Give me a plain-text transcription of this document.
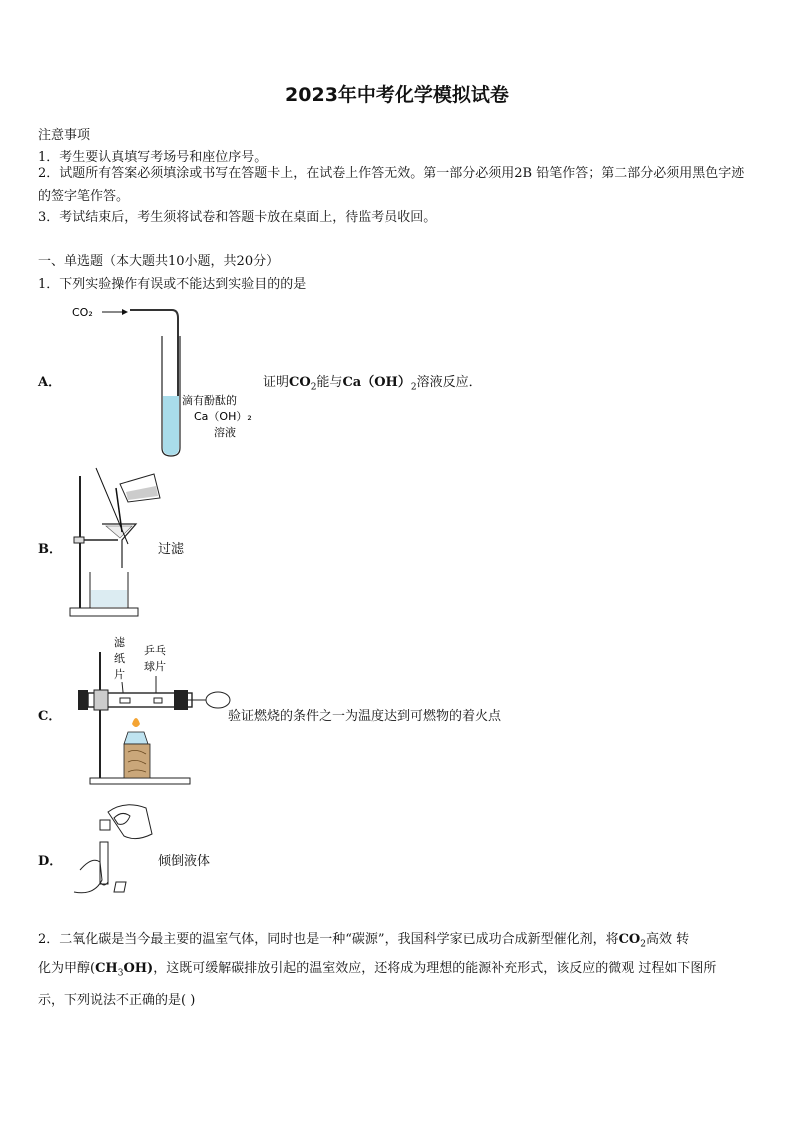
2023年中考化学模拟试卷
注意事项
1．考生要认真填写考场号和座位序号。
2．试题所有答案必须填涂或书写在答题卡上，在试卷上作答无效。第一部分必须用2B 铅笔作答；第二部分必须用黑色字迹的签字笔作答。
3．考试结束后，考生须将试卷和答题卡放在桌面上，待监考员收回。
一、单选题（本大题共10小题，共20分）
1．下列实验操作有误或不能达到实验目的的是
A．	证明$CO_2$能与$Ca(OH)_2$溶液反应．
CO₂
滴有酚酞的
Ca（OH）₂
溶液
B．	过滤
C．	验证燃烧的条件之一为温度达到可燃物的着火点
滤
纸
片
乒乓
球片
D．	倾倒液体
2．二氧化碳是当今最主要的温室气体，同时也是一种“碳源”，我国科学家已成功合成新型催化剂，将$CO_2$高效 转
化为甲醇$(CH_3OH)$，这既可缓解碳排放引起的温室效应，还将成为理想的能源补充形式，该反应的微观 过程如下图所
示，下列说法不正确的是( )
